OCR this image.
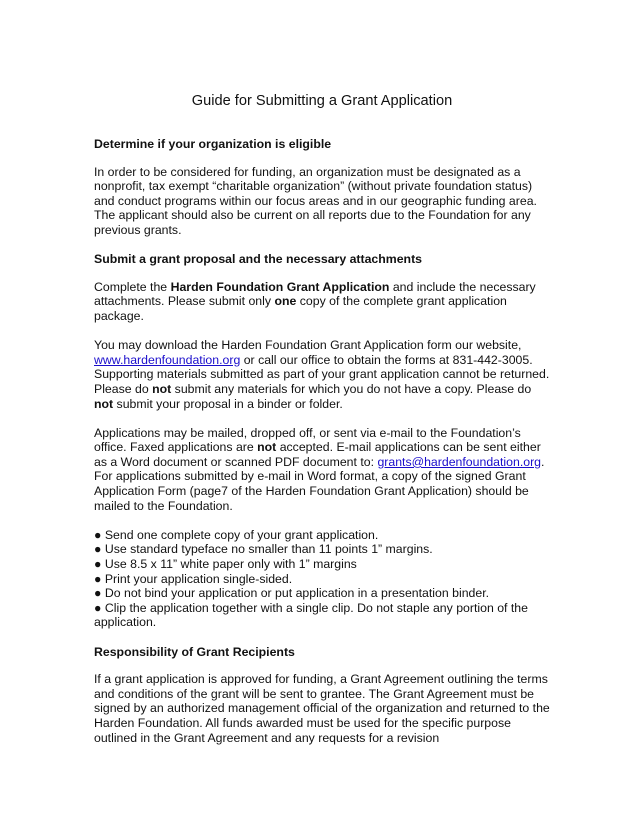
Guide for Submitting a Grant Application
Determine if your organization is eligible

In order to be considered for funding, an organization must be designated as a nonprofit, tax exempt “charitable organization” (without private foundation status) and conduct programs within our focus areas and in our geographic funding area. The applicant should also be current on all reports due to the Foundation for any previous grants.

Submit a grant proposal and the necessary attachments

Complete the Harden Foundation Grant Application and include the necessary attachments. Please submit only one copy of the complete grant application package.

You may download the Harden Foundation Grant Application form our website, www.hardenfoundation.org or call our office to obtain the forms at 831-442-3005. Supporting materials submitted as part of your grant application cannot be returned. Please do not submit any materials for which you do not have a copy. Please do not submit your proposal in a binder or folder.

Applications may be mailed, dropped off, or sent via e-mail to the Foundation’s office. Faxed applications are not accepted. E-mail applications can be sent either as a Word document or scanned PDF document to: grants@hardenfoundation.org. For applications submitted by e-mail in Word format, a copy of the signed Grant Application Form (page7 of the Harden Foundation Grant Application) should be mailed to the Foundation.

● Send one complete copy of your grant application.
● Use standard typeface no smaller than 11 points 1” margins.
● Use 8.5 x 11” white paper only with 1” margins
● Print your application single-sided.
● Do not bind your application or put application in a presentation binder.
● Clip the application together with a single clip. Do not staple any portion of the application.
Responsibility of Grant Recipients

If a grant application is approved for funding, a Grant Agreement outlining the terms and conditions of the grant will be sent to grantee. The Grant Agreement must be signed by an authorized management official of the organization and returned to the Harden Foundation. All funds awarded must be used for the specific purpose outlined in the Grant Agreement and any requests for a revision
